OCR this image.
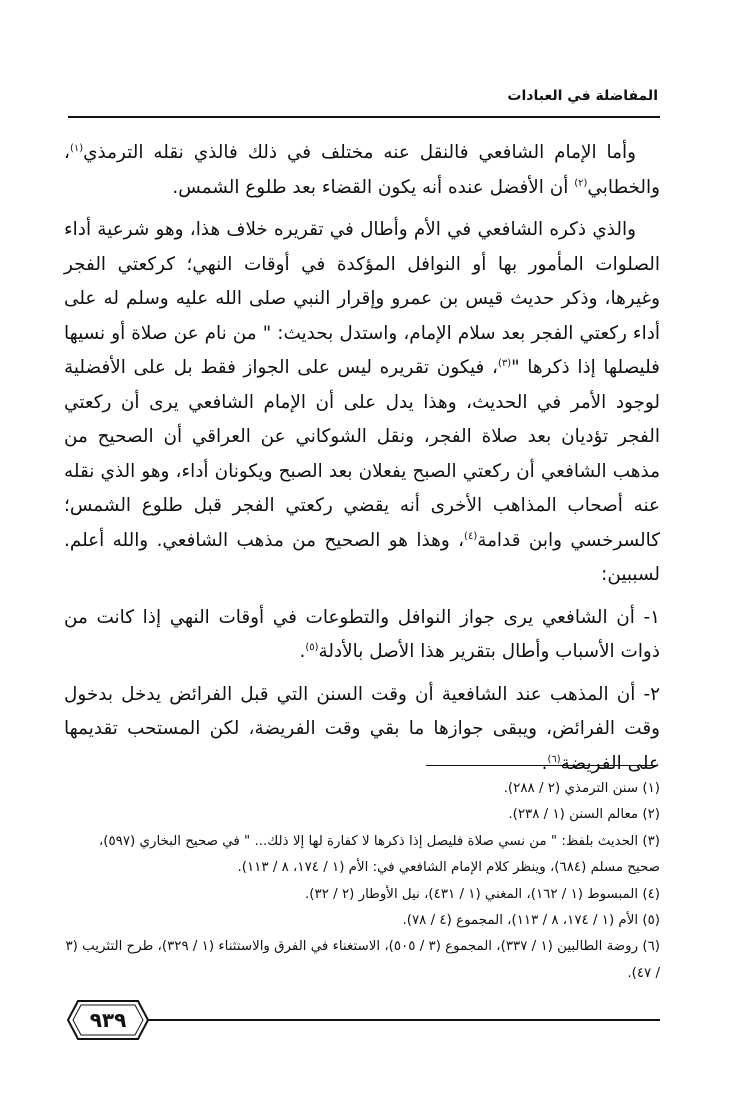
المفاضلة في العبادات

وأما الإمام الشافعي فالنقل عنه مختلف في ذلك فالذي نقله الترمذي$^{(١)}$، والخطابي$^{(٢)}$ أن الأفضل عنده أنه يكون القضاء بعد طلوع الشمس.

والذي ذكره الشافعي في الأم وأطال في تقريره خلاف هذا، وهو شرعية أداء الصلوات المأمور بها أو النوافل المؤكدة في أوقات النهي؛ كركعتي الفجر وغيرها، وذكر حديث قيس بن عمرو وإقرار النبي صلى الله عليه وسلم له على أداء ركعتي الفجر بعد سلام الإمام، واستدل بحديث: " من نام عن صلاة أو نسيها فليصلها إذا ذكرها "$^{(٣)}$، فيكون تقريره ليس على الجواز فقط بل على الأفضلية لوجود الأمر في الحديث، وهذا يدل على أن الإمام الشافعي يرى أن ركعتي الفجر تؤديان بعد صلاة الفجر، ونقل الشوكاني عن العراقي أن الصحيح من مذهب الشافعي أن ركعتي الصبح يفعلان بعد الصبح ويكونان أداء، وهو الذي نقله عنه أصحاب المذاهب الأخرى أنه يقضي ركعتي الفجر قبل طلوع الشمس؛ كالسرخسي وابن قدامة$^{(٤)}$، وهذا هو الصحيح من مذهب الشافعي. والله أعلم. لسببين:

١- أن الشافعي يرى جواز النوافل والتطوعات في أوقات النهي إذا كانت من ذوات الأسباب وأطال بتقرير هذا الأصل بالأدلة$^{(٥)}$.

٢- أن المذهب عند الشافعية أن وقت السنن التي قبل الفرائض يدخل بدخول وقت الفرائض، ويبقى جوازها ما بقي وقت الفريضة، لكن المستحب تقديمها على الفريضة$^{(٦)}$.

(١) سنن الترمذي (٢ / ٢٨٨).

(٢) معالم السنن (١ / ٢٣٨).

(٣) الحديث بلفظ: " من نسي صلاة فليصل إذا ذكرها لا كفارة لها إلا ذلك... " في صحيح البخاري (٥٩٧)، صحيح مسلم (٦٨٤)، وينظر كلام الإمام الشافعي في: الأم (١ / ١٧٤، ٨ / ١١٣).

(٤) المبسوط (١ / ١٦٢)، المغني (١ / ٤٣١)، نيل الأوطار (٢ / ٣٢).

(٥) الأم (١ / ١٧٤، ٨ / ١١٣)، المجموع (٤ / ٧٨).

(٦) روضة الطالبين (١ / ٣٣٧)، المجموع (٣ / ٥٠٥)، الاستغناء في الفرق والاستثناء (١ / ٣٢٩)، طرح التثريب (٣ / ٤٧).

٩٣٩
